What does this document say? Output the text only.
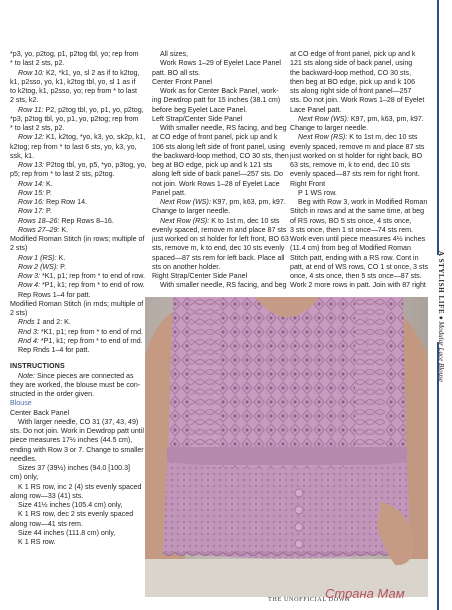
*p3, yo, p2tog, p1, p2tog tbl, yo; rep from

* to last 2 sts, p2.

Row 10: K2, *k1, yo, sl 2 as if to k2tog,

k1, p2sso, yo, k1, k2tog tbl, yo, sl 1 as if

to k2tog, k1, p2sso, yo; rep from * to last

2 sts, k2.

Row 11: P2, p2tog tbl, yo, p1, yo, p2tog,

*p3, p2tog tbl, yo, p1, yo, p2tog; rep from

* to last 2 sts, p2.

Row 12: K1, k2tog, *yo, k3, yo, sk2p, k1,

k2tog; rep from * to last 6 sts, yo, k3, yo,

ssk, k1.

Row 13: P2tog tbl, yo, p5, *yo, p3tog, yo,

p5; rep from * to last 2 sts, p2tog.

Row 14: K.

Row 15: P.

Row 16: Rep Row 14.

Row 17: P.

Rows 18–26: Rep Rows 8–16.

Rows 27–29: K.

Modified Roman Stitch (in rows; multiple of

2 sts)

Row 1 (RS): K.

Row 2 (WS): P.

Row 3: *K1, p1; rep from * to end of row.

Row 4: *P1, k1; rep from * to end of row.

Rep Rows 1–4 for patt.

Modified Roman Stitch (in rnds; multiple of

2 sts)

Rnds 1 and 2: K.

Rnd 3: *K1, p1; rep from * to end of rnd.

Rnd 4: *P1, k1; rep from * to end of rnd.

Rep Rnds 1–4 for patt.

INSTRUCTIONS

Note: Since pieces are connected as

they are worked, the blouse must be con-

structed in the order given.

Blouse

Center Back Panel

With larger needle, CO 31 (37, 43, 49)

sts. Do not join. Work in Dewdrop patt until

piece measures 17½ inches (44.5 cm),

ending with Row 3 or 7. Change to smaller

needles.

Sizes 37 (39½) inches (94.0 [100.3]

cm) only,

K 1 RS row, inc 2 (4) sts evenly spaced

along row—33 (41) sts.

Size 41½ inches (105.4 cm) only,

K 1 RS row, dec 2 sts evenly spaced

along row—41 sts rem.

Size 44 inches (111.8 cm) only,

K 1 RS row.

All sizes,

Work Rows 1–29 of Eyelet Lace Panel

patt. BO all sts.

Center Front Panel

Work as for Center Back Panel, work-

ing Dewdrop patt for 15 inches (38.1 cm)

before beg Eyelet Lace Panel.

Left Strap/Center Side Panel

With smaller needle, RS facing, and beg

at CO edge of front panel, pick up and k

106 sts along left side of front panel, using

the backward-loop method, CO 30 sts, then

beg at BO edge, pick up and k 121 sts

along left side of back panel—257 sts. Do

not join. Work Rows 1–28 of Eyelet Lace

Panel patt.

Next Row (WS): K97, pm, k63, pm, k97.

Change to larger needle.

Next Row (RS): K to 1st m, dec 10 sts

evenly spaced, remove m and place 87 sts

just worked on st holder for left front, BO 63

sts, remove m, k to end, dec 10 sts evenly

spaced—87 sts rem for left back. Place all

sts on another holder.

Right Strap/Center Side Panel

With smaller needle, RS facing, and beg

at CO edge of front panel, pick up and k

121 sts along side of back panel, using

the backward-loop method, CO 30 sts,

then beg at BO edge, pick up and k 106

sts along right side of front panel—257

sts. Do not join. Work Rows 1–28 of Eyelet

Lace Panel patt.

Next Row (WS): K97, pm, k63, pm, k97.

Change to larger needle.

Next Row (RS): K to 1st m, dec 10 sts

evenly spaced, remove m and place 87 sts

just worked on st holder for right back, BO

63 sts, remove m, k to end, dec 10 sts

evenly spaced—87 sts rem for right front.

Right Front

P 1 WS row.

Beg with Row 3, work in Modified Roman

Stitch in rows and at the same time, at beg

of RS rows, BO 5 sts once, 4 sts once,

3 sts once, then 1 st once—74 sts rem.

Work even until piece measures 4½ inches

(11.4 cm) from beg of Modified Roman

Stitch patt, ending with a RS row. Cont in

patt, at end of WS rows, CO 1 st once, 3 sts

once, 4 sts once, then 5 sts once—87 sts.

Work 2 more rows in patt. Join with 87 right A STYLISH LIFE ♦ Modular Lace Blouse
THE UNOFFICIAL DOWN
Страна Мам
